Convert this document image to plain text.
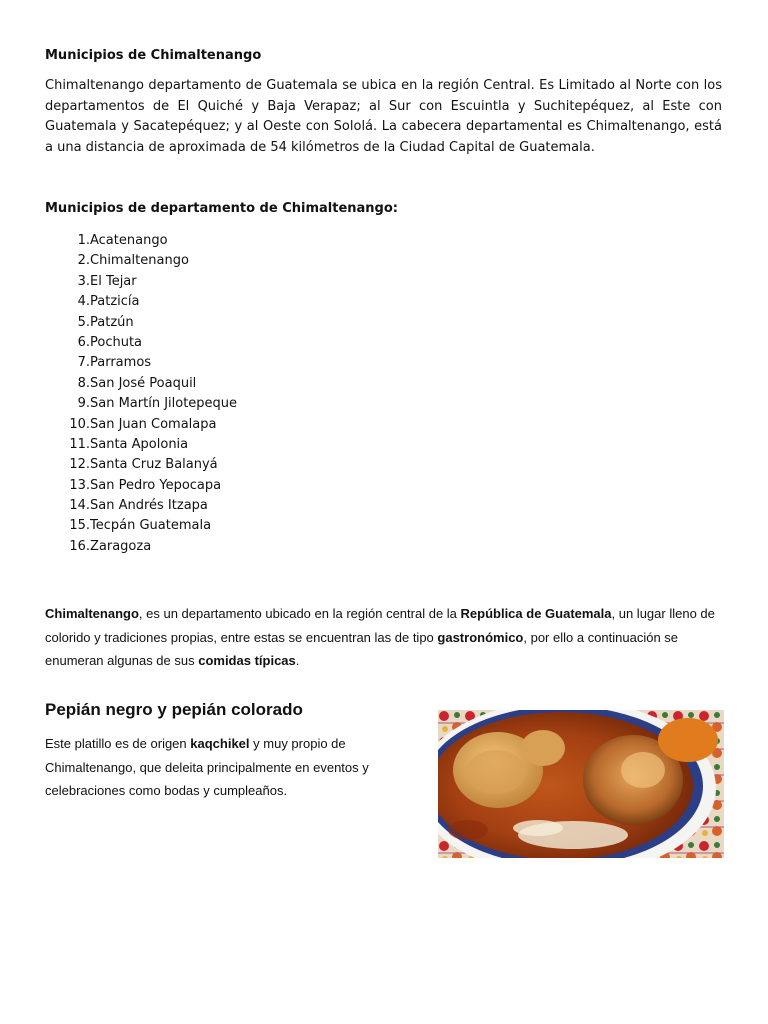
Municipios de Chimaltenango

Chimaltenango departamento de Guatemala se ubica en la región Central. Es Limitado al Norte con los departamentos de El Quiché y Baja Verapaz; al Sur con Escuintla y Suchitepéquez, al Este con Guatemala y Sacatepéquez; y al Oeste con Sololá. La cabecera departamental es Chimaltenango, está a una distancia de aproximada de 54 kilómetros de la Ciudad Capital de Guatemala.

Municipios de departamento de Chimaltenango:
1.Acatenango
2.Chimaltenango
3.El Tejar
4.Patzicía
5.Patzún
6.Pochuta
7.Parramos
8.San José Poaquil
9.San Martín Jilotepeque
10.San Juan Comalapa
11.Santa Apolonia
12.Santa Cruz Balanyá
13.San Pedro Yepocapa
14.San Andrés Itzapa
15.Tecpán Guatemala
16.Zaragoza

Chimaltenango, es un departamento ubicado en la región central de la República de Guatemala, un lugar lleno de colorido y tradiciones propias, entre estas se encuentran las de tipo gastronómico, por ello a continuación se enumeran algunas de sus comidas típicas.

Pepián negro y pepián colorado

Este platillo es de origen kaqchikel y muy propio de Chimaltenango, que deleita principalmente en eventos y celebraciones como bodas y cumpleaños.
